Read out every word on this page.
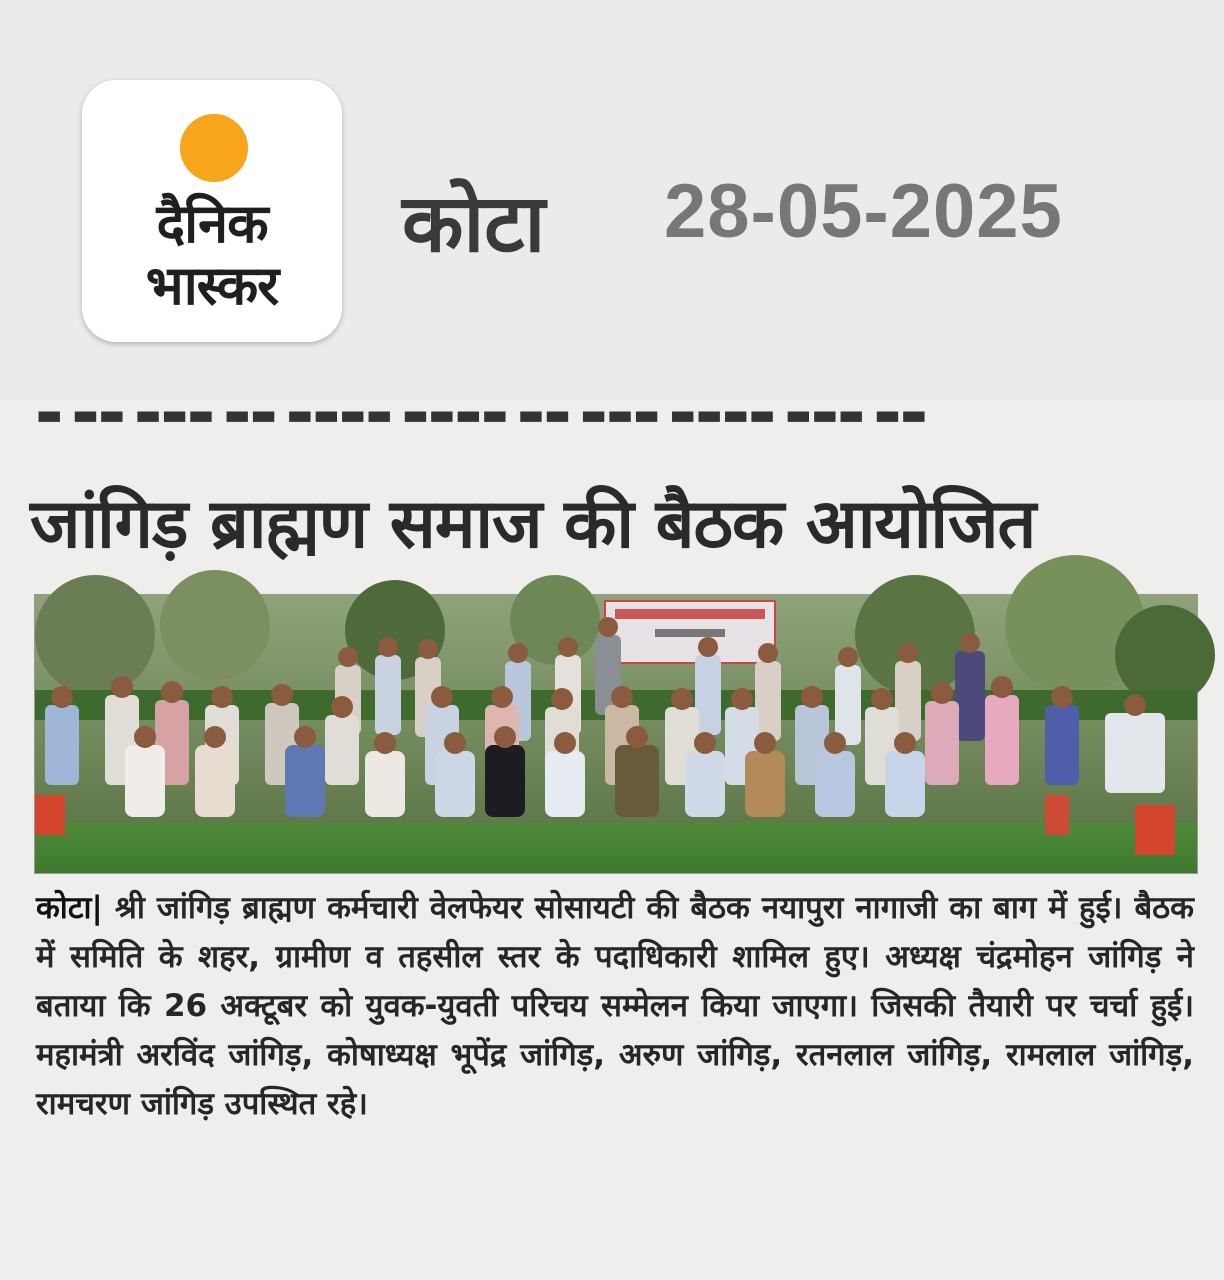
दैनिक
भास्कर
कोटा 28-05-2025
▬ ▬▬ ▬▬▬ ▬▬ ▬▬▬▬ ▬▬▬▬ ▬▬ ▬▬▬ ▬▬▬▬ ▬▬▬ ▬▬
जांगिड़ ब्राह्मण समाज की बैठक आयोजित
कोटा| श्री जांगिड़ ब्राह्मण कर्मचारी वेलफेयर सोसायटी की बैठक नयापुरा नागाजी का बाग में हुई। बैठक में समिति के शहर, ग्रामीण व तहसील स्तर के पदाधिकारी शामिल हुए। अध्यक्ष चंद्रमोहन जांगिड़ ने बताया कि 26 अक्टूबर को युवक-युवती परिचय सम्मेलन किया जाएगा। जिसकी तैयारी पर चर्चा हुई। महामंत्री अरविंद जांगिड़, कोषाध्यक्ष भूपेंद्र जांगिड़, अरुण जांगिड़, रतनलाल जांगिड़, रामलाल जांगिड़, रामचरण जांगिड़ उपस्थित रहे।
